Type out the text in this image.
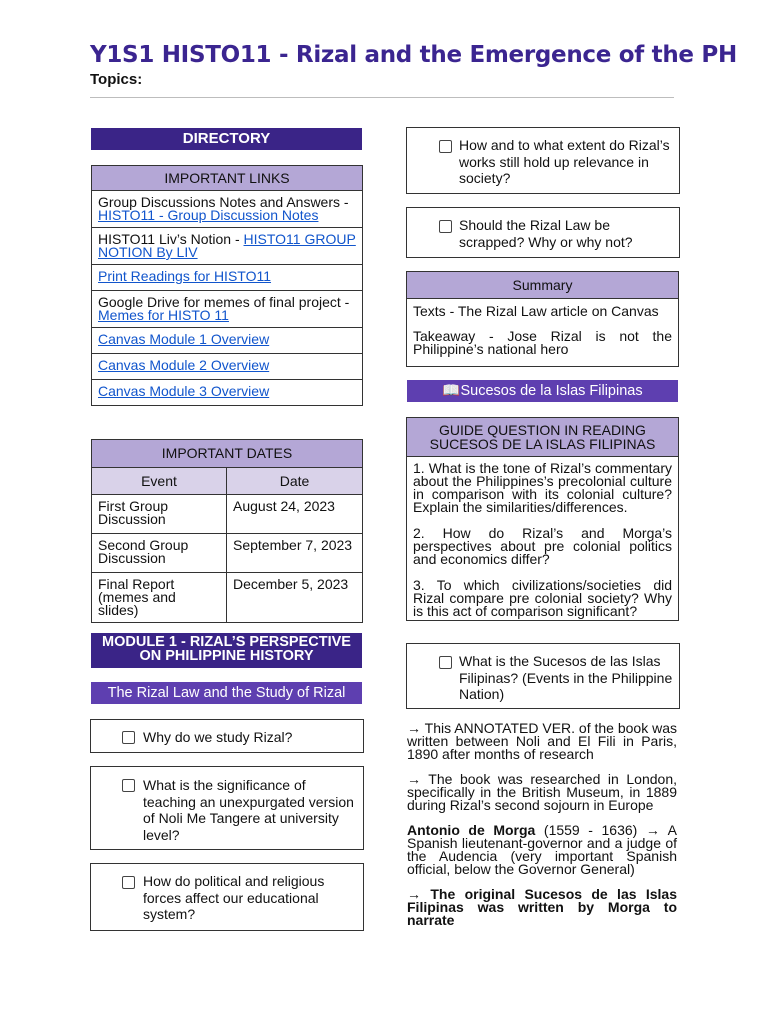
Y1S1 HISTO11 - Rizal and the Emergence of the PH
Topics:
DIRECTORY
IMPORTANT LINKS
Group Discussions Notes and Answers - HISTO11 - Group Discussion Notes
HISTO11 Liv’s Notion - HISTO11 GROUP NOTION By LIV
Print Readings for HISTO11
Google Drive for memes of final project - Memes for HISTO 11
Canvas Module 1 Overview
Canvas Module 2 Overview
Canvas Module 3 Overview
IMPORTANT DATES	
Event	Date
First Group Discussion	August 24, 2023
Second Group Discussion	September 7, 2023
Final Report (memes and slides)	December 5, 2023
MODULE 1 - RIZAL’S PERSPECTIVE ON PHILIPPINE HISTORY
The Rizal Law and the Study of Rizal
Why do we study Rizal?
What is the significance of teaching an unexpurgated version of Noli Me Tangere at university level?
How do political and religious forces affect our educational system?
How and to what extent do Rizal’s works still hold up relevance in society?
Should the Rizal Law be scrapped? Why or why not?
Summary

Texts - The Rizal Law article on Canvas
Takeaway - Jose Rizal is not the Philippine’s national hero
📖Sucesos de la Islas Filipinas
GUIDE QUESTION IN READING SUCESOS DE LA ISLAS FILIPINAS

1. What is the tone of Rizal’s commentary about the Philippines’s precolonial culture in comparison with its colonial culture? Explain the similarities/differences.
2. How do Rizal’s and Morga’s perspectives about pre colonial politics and economics differ?
3. To which civilizations/societies did Rizal compare pre colonial society? Why is this act of comparison significant?
What is the Sucesos de las Islas Filipinas? (Events in the Philippine Nation)

→ This ANNOTATED VER. of the book was written between Noli and El Fili in Paris, 1890 after months of research

→ The book was researched in London, specifically in the British Museum, in 1889 during Rizal’s second sojourn in Europe

Antonio de Morga (1559 - 1636) → A Spanish lieutenant-governor and a judge of the Audencia (very important Spanish official, below the Governor General)

→ The original Sucesos de las Islas Filipinas was written by Morga to narrate
